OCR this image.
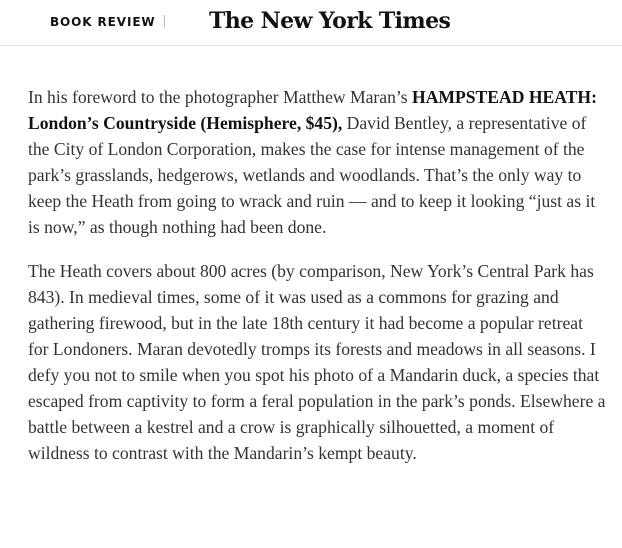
BOOK REVIEW The New York Times

In his foreword to the photographer Matthew Maran’s HAMPSTEAD HEATH: London’s Countryside (Hemisphere, $45), David Bentley, a representative of the City of London Corporation, makes the case for intense management of the park’s grasslands, hedgerows, wetlands and woodlands. That’s the only way to keep the Heath from going to wrack and ruin — and to keep it looking “just as it is now,” as though nothing had been done.

The Heath covers about 800 acres (by comparison, New York’s Central Park has 843). In medieval times, some of it was used as a commons for grazing and gathering firewood, but in the late 18th century it had become a popular retreat for Londoners. Maran devotedly tromps its forests and meadows in all seasons. I defy you not to smile when you spot his photo of a Mandarin duck, a species that escaped from captivity to form a feral population in the park’s ponds. Elsewhere a battle between a kestrel and a crow is graphically silhouetted, a moment of wildness to contrast with the Mandarin’s kempt beauty.
